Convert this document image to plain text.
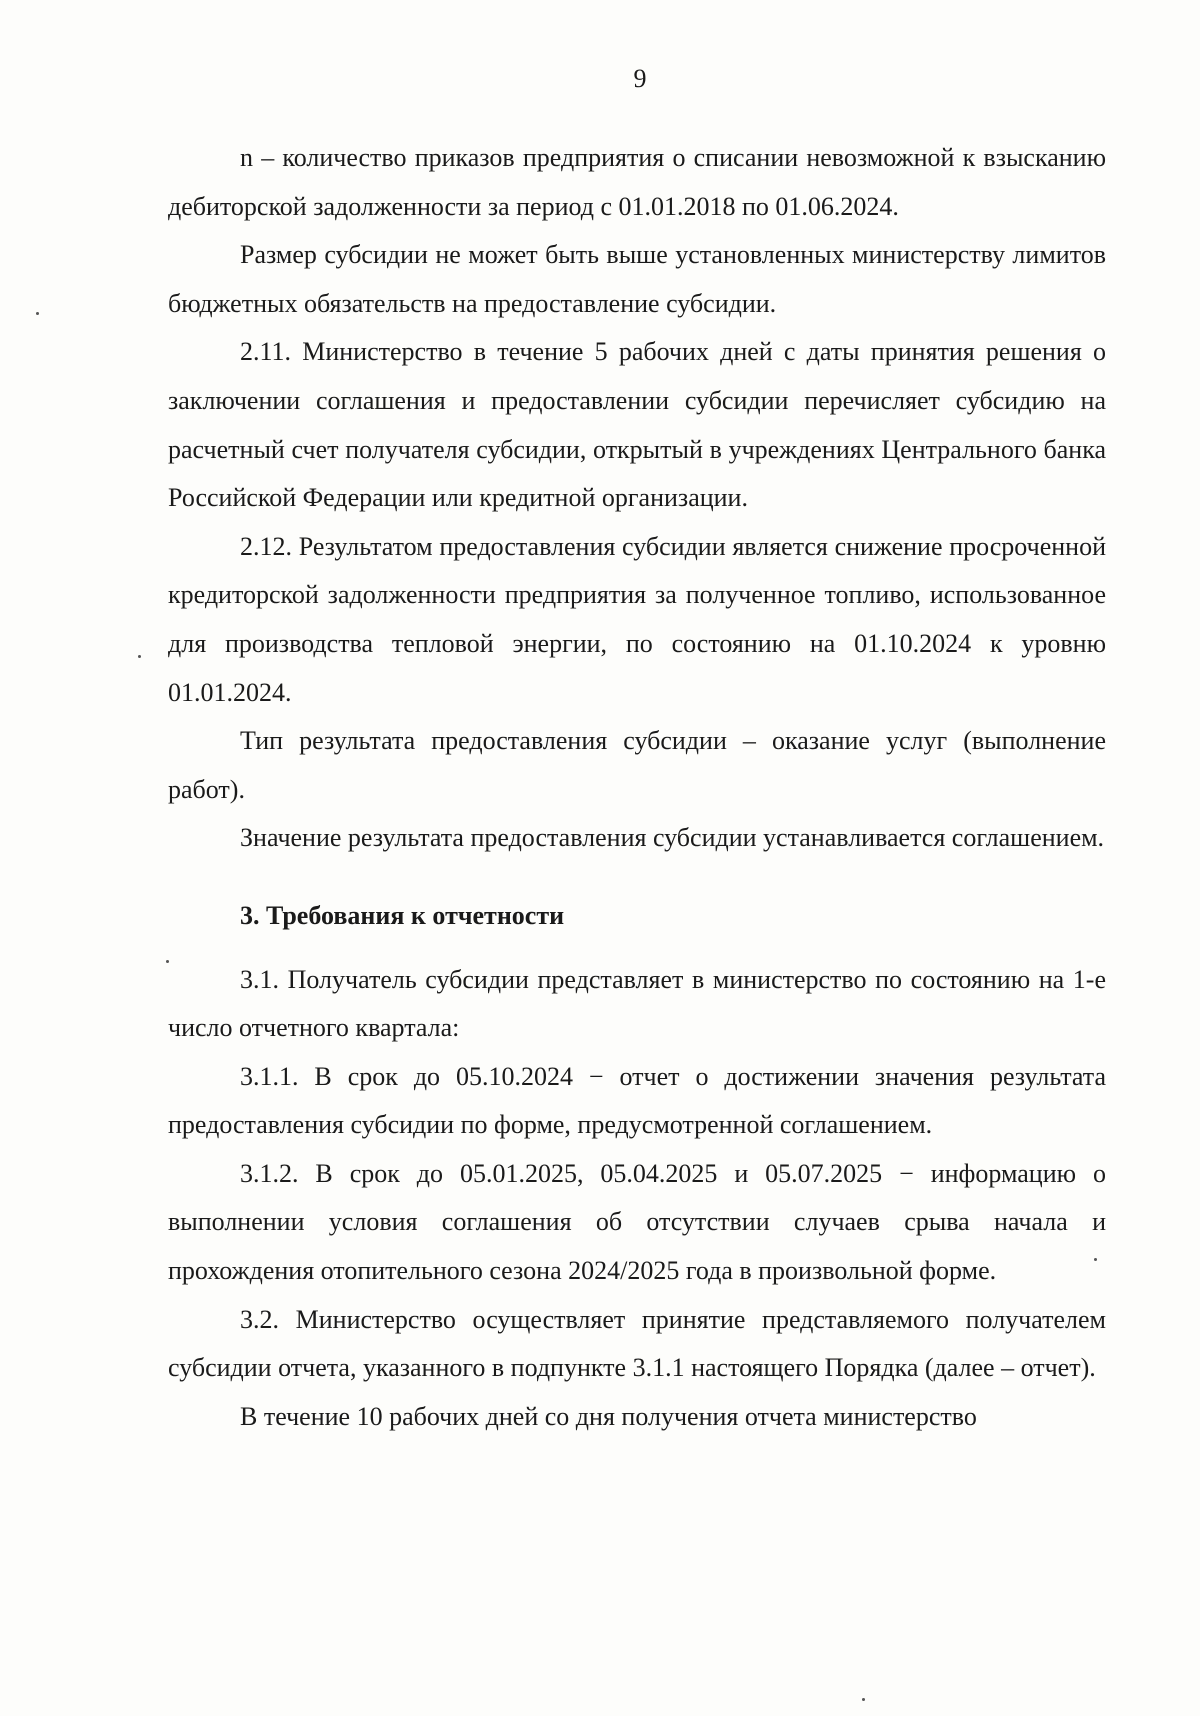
9

n – количество приказов предприятия о списании невозможной к взысканию дебиторской задолженности за период с 01.01.2018 по 01.06.2024.

Размер субсидии не может быть выше установленных министерству лимитов бюджетных обязательств на предоставление субсидии.

2.11. Министерство в течение 5 рабочих дней с даты принятия решения о заключении соглашения и предоставлении субсидии перечисляет субсидию на расчетный счет получателя субсидии, открытый в учреждениях Центрального банка Российской Федерации или кредитной организации.

2.12. Результатом предоставления субсидии является снижение просроченной кредиторской задолженности предприятия за полученное топливо, использованное для производства тепловой энергии, по состоянию на 01.10.2024 к уровню 01.01.2024.

Тип результата предоставления субсидии – оказание услуг (выполнение работ).

Значение результата предоставления субсидии устанавливается соглашением.

3. Требования к отчетности

3.1. Получатель субсидии представляет в министерство по состоянию на 1-е число отчетного квартала:

3.1.1. В срок до 05.10.2024 − отчет о достижении значения результата предоставления субсидии по форме, предусмотренной соглашением.

3.1.2. В срок до 05.01.2025, 05.04.2025 и 05.07.2025 − информацию о выполнении условия соглашения об отсутствии случаев срыва начала и прохождения отопительного сезона 2024/2025 года в произвольной форме.

3.2. Министерство осуществляет принятие представляемого получателем субсидии отчета, указанного в подпункте 3.1.1 настоящего Порядка (далее – отчет).

В течение 10 рабочих дней со дня получения отчета министерство
